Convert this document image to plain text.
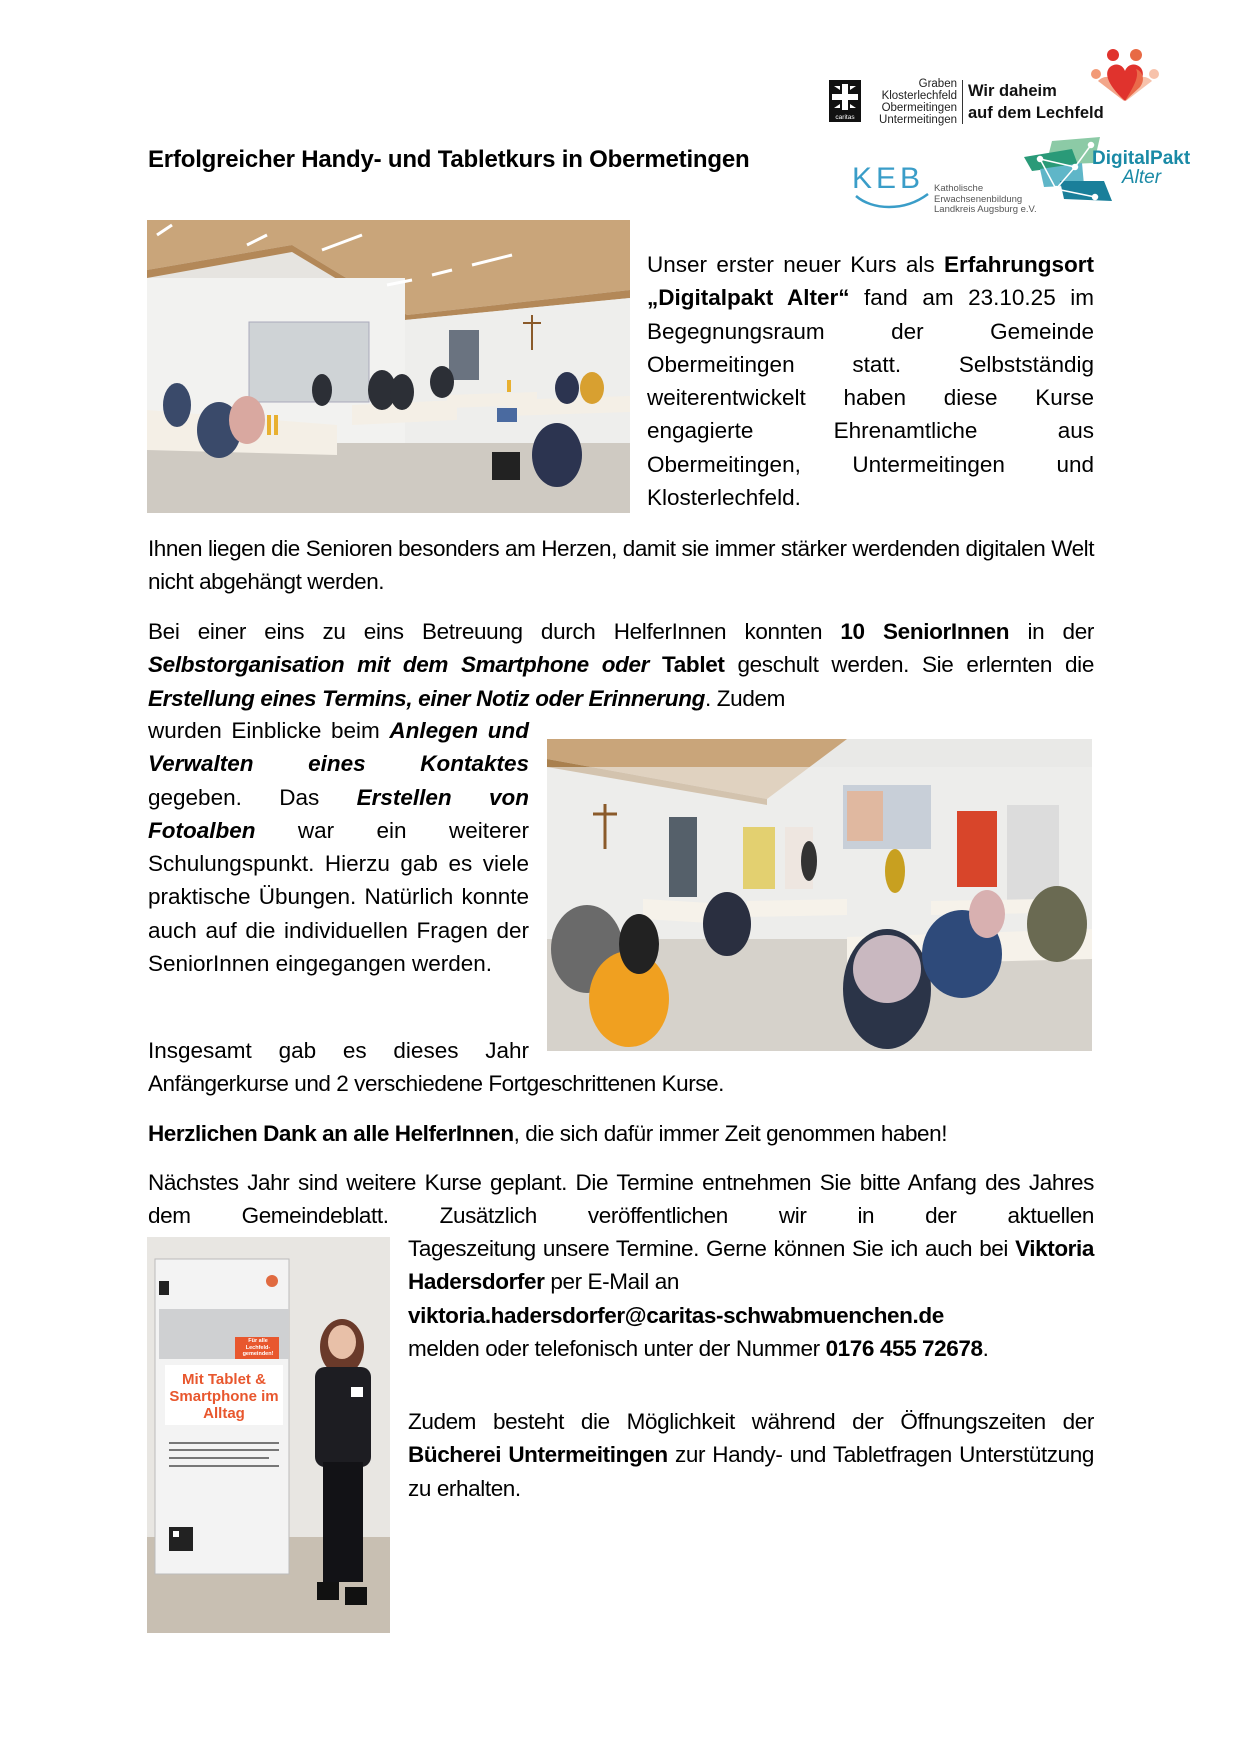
caritas
Graben
Klosterlechfeld
Obermeitingen
Untermeitingen
Wir daheim
auf dem Lechfeld
KEB Katholische
Erwachsenenbildung
Landkreis Augsburg e.V.
DigitalPakt
Alter
Erfolgreicher Handy- und Tabletkurs in Obermetingen
Unser erster neuer Kurs als Erfahrungsort „Digitalpakt Alter“ fand am 23.10.25 im Begegnungsraum der Gemeinde Obermeitingen statt. Selbstständig weiterentwickelt haben diese Kurse engagierte Ehrenamtliche aus Obermeitingen, Untermeitingen und Klosterlechfeld.
Ihnen liegen die Senioren besonders am Herzen, damit sie immer stärker werdenden digitalen Welt nicht abgehängt werden.
Bei einer eins zu eins Betreuung durch HelferInnen konnten 10 SeniorInnen in der Selbstorganisation mit dem Smartphone oder Tablet geschult werden. Sie erlernten die Erstellung eines Termins, einer Notiz oder Erinnerung. Zudem
wurden Einblicke beim Anlegen und Verwalten eines Kontaktes gegeben. Das Erstellen von Fotoalben war ein weiterer Schulungspunkt. Hierzu gab es viele praktische Übungen. Natürlich konnte auch auf die individuellen Fragen der SeniorInnen eingegangen werden.
Insgesamt gab es dieses Jahr
Anfängerkurse und 2 verschiedene Fortgeschrittenen Kurse.
Herzlichen Dank an alle HelferInnen, die sich dafür immer Zeit genommen haben!
Nächstes Jahr sind weitere Kurse geplant. Die Termine entnehmen Sie bitte Anfang des Jahres dem Gemeindeblatt. Zusätzlich veröffentlichen wir in der aktuellen
Für alle Lechfeld-gemeinden!
Mit Tablet & Smartphone im Alltag
Tageszeitung unsere Termine. Gerne können Sie ich auch bei Viktoria Hadersdorfer per E-Mail an
viktoria.hadersdorfer@caritas-schwabmuenchen.de
melden oder telefonisch unter der Nummer 0176 455 72678.
Zudem besteht die Möglichkeit während der Öffnungszeiten der Bücherei Untermeitingen zur Handy- und Tabletfragen Unterstützung zu erhalten.
